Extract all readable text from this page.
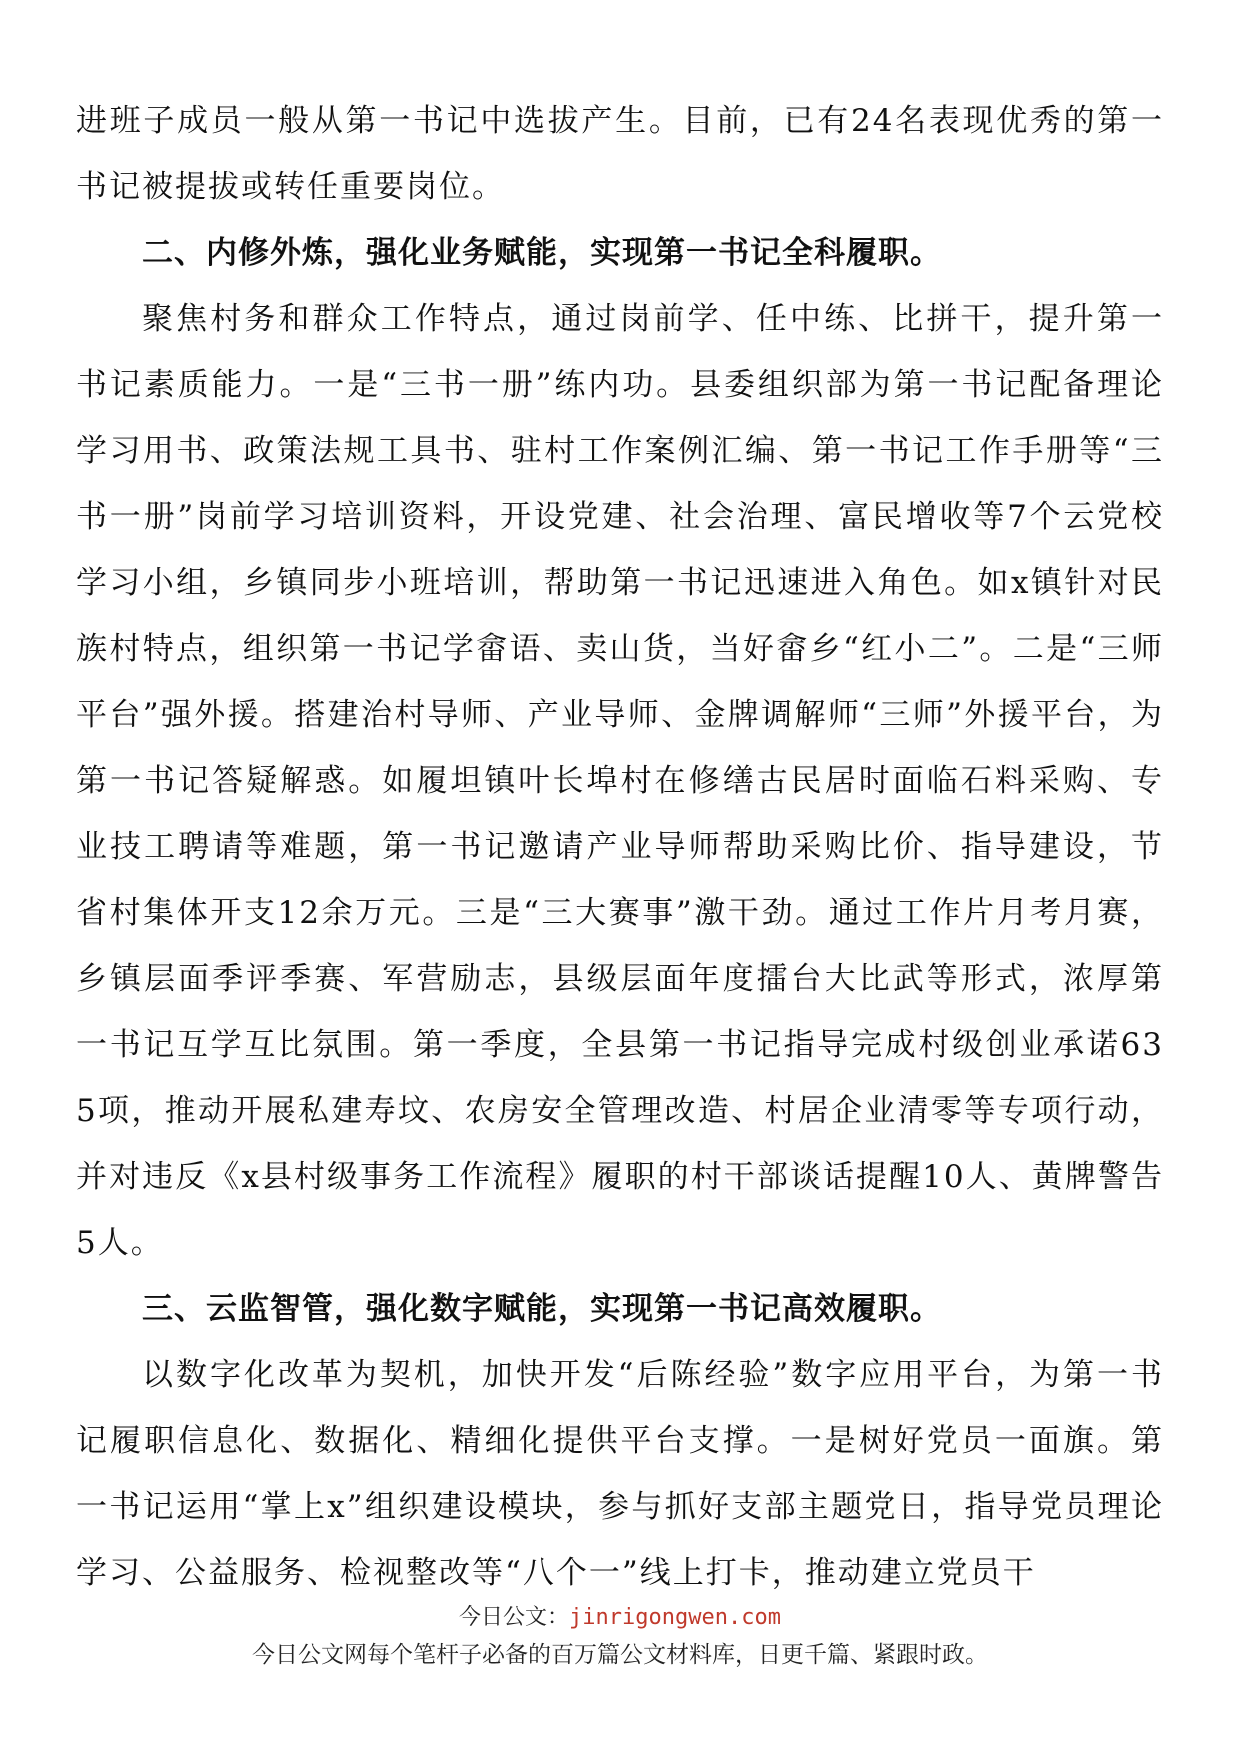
进班子成员一般从第一书记中选拔产生。目前，已有24名表现优秀的第一书记被提拔或转任重要岗位。

二、内修外炼，强化业务赋能，实现第一书记全科履职。

聚焦村务和群众工作特点，通过岗前学、任中练、比拼干，提升第一书记素质能力。一是“三书一册”练内功。县委组织部为第一书记配备理论学习用书、政策法规工具书、驻村工作案例汇编、第一书记工作手册等“三书一册”岗前学习培训资料，开设党建、社会治理、富民增收等7个云党校学习小组，乡镇同步小班培训，帮助第一书记迅速进入角色。如x镇针对民族村特点，组织第一书记学畲语、卖山货，当好畲乡“红小二”。二是“三师平台”强外援。搭建治村导师、产业导师、金牌调解师“三师”外援平台，为第一书记答疑解惑。如履坦镇叶长埠村在修缮古民居时面临石料采购、专业技工聘请等难题，第一书记邀请产业导师帮助采购比价、指导建设，节省村集体开支12余万元。三是“三大赛事”激干劲。通过工作片月考月赛，乡镇层面季评季赛、军营励志，县级层面年度擂台大比武等形式，浓厚第一书记互学互比氛围。第一季度，全县第一书记指导完成村级创业承诺635项，推动开展私建寿坟、农房安全管理改造、村居企业清零等专项行动，并对违反《x县村级事务工作流程》履职的村干部谈话提醒10人、黄牌警告5人。

三、云监智管，强化数字赋能，实现第一书记高效履职。

以数字化改革为契机，加快开发“后陈经验”数字应用平台，为第一书记履职信息化、数据化、精细化提供平台支撑。一是树好党员一面旗。第一书记运用“掌上x”组织建设模块，参与抓好支部主题党日，指导党员理论学习、公益服务、检视整改等“八个一”线上打卡，推动建立党员干

今日公文：jinrigongwen.com
今日公文网每个笔杆子必备的百万篇公文材料库，日更千篇、紧跟时政。
